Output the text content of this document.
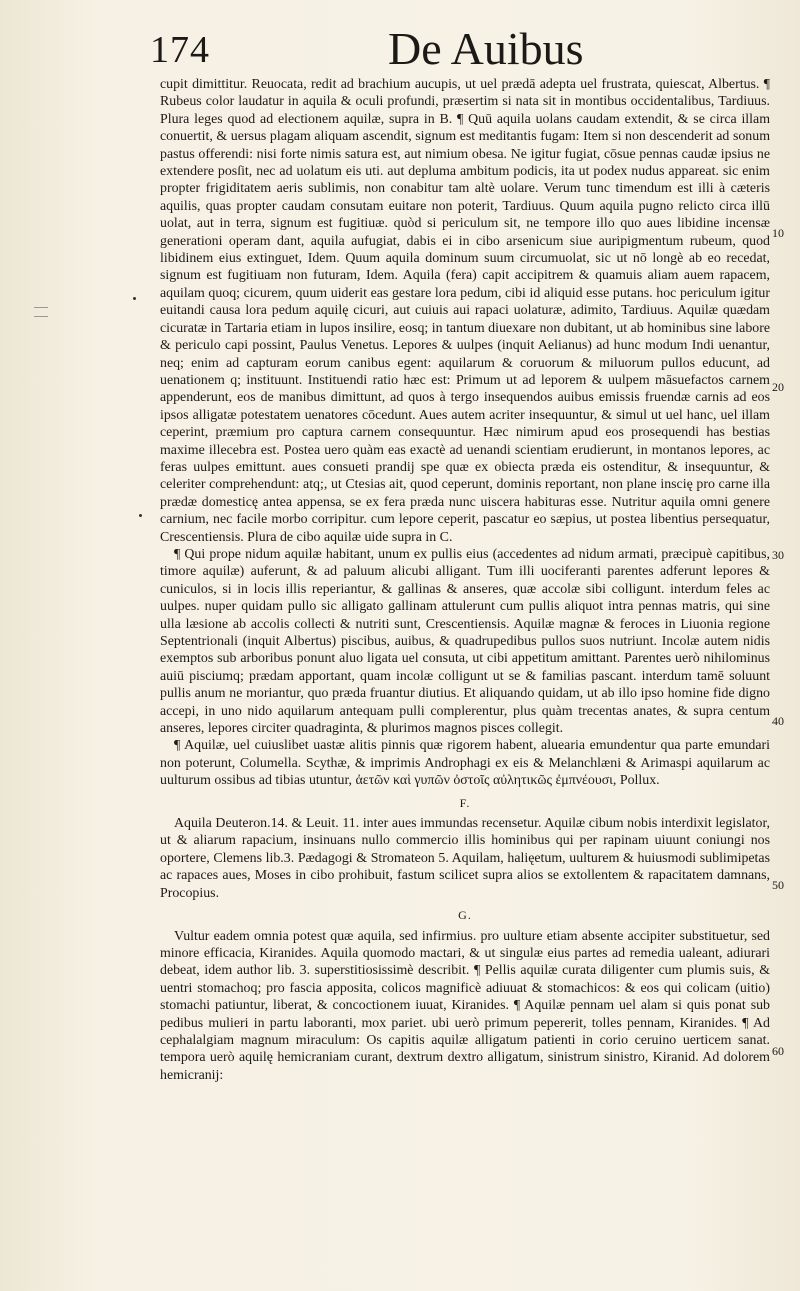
174	De Auibus

cupit dimittitur. Reuocata, redit ad brachium aucupis, ut uel prædā adepta uel frustrata, quiescat, Albertus. ¶ Rubeus color laudatur in aquila & oculi profundi, præsertim si nata sit in montibus occidentalibus, Tardiuus. Plura leges quod ad electionem aquilæ, supra in B. ¶ Quū aquila uolans caudam extendit, & se circa illam conuertit, & uersus plagam aliquam ascendit, signum est meditantis fugam: Item si non descenderit ad sonum pastus offerendi: nisi forte nimis satura est, aut nimium obesa. Ne igitur fugiat, cōsue pennas caudæ ipsius ne extendere posſit, nec ad uolatum eis uti. aut depluma ambitum podicis, ita ut podex nudus appareat. sic enim propter frigiditatem aeris sublimis, non conabitur tam altè uolare. Verum tunc timendum est illi à cæteris aquilis, quas propter caudam consutam euitare non poterit, Tardiuus. Quum aquila pugno relicto circa illū uolat, aut in terra, signum est fugitiuæ. quòd si periculum sit, ne tempore illo quo aues libidine incensæ generationi operam dant, aquila aufugiat, dabis ei in cibo arsenicum siue auripigmentum rubeum, quod libidinem eius extinguet, Idem. Quum aquila dominum suum circumuolat, sic ut nō longè ab eo recedat, signum est fugitiuam non futuram, Idem. Aquila (fera) capit accipitrem & quamuis aliam auem rapacem, aquilam quoq; cicurem, quum uiderit eas gestare lora pedum, cibi id aliquid esse putans. hoc periculum igitur euitandi causa lora pedum aquilę cicuri, aut cuiuis aui rapaci uolaturæ, adimito, Tardiuus. Aquilæ quædam cicuratæ in Tartaria etiam in lupos insilire, eosq; in tantum diuexare non dubitant, ut ab hominibus sine labore & periculo capi possint, Paulus Venetus. Lepores & uulpes (inquit Aelianus) ad hunc modum Indi uenantur, neq; enim ad capturam eorum canibus egent: aquilarum & coruorum & miluorum pullos educunt, ad uenationem q; instituunt. Instituendi ratio hæc est: Primum ut ad leporem & uulpem māsuefactos carnem appenderunt, eos de manibus dimittunt, ad quos à tergo insequendos auibus emissis fruendæ carnis ad eos ipsos alligatæ potestatem uenatores cōcedunt. Aues autem acriter insequuntur, & simul ut uel hanc, uel illam ceperint, præmium pro captura carnem consequuntur. Hæc nimirum apud eos prosequendi has bestias maxime illecebra est. Postea uero quàm eas exactè ad uenandi scientiam erudierunt, in montanos lepores, ac feras uulpes emittunt. aues consueti prandij spe quæ ex obiecta præda eis ostenditur, & insequuntur, & celeriter comprehendunt: atq;, ut Ctesias ait, quod ceperunt, dominis reportant, non plane inscię pro carne illa prædæ domesticę antea appensa, se ex fera præda nunc uiscera habituras esse. Nutritur aquila omni genere carnium, nec facile morbo corripitur. cum lepore ceperit, pascatur eo sæpius, ut postea libentius persequatur, Crescentiensis. Plura de cibo aquilæ uide supra in C.

¶ Qui prope nidum aquilæ habitant, unum ex pullis eius (accedentes ad nidum armati, præcipuè capitibus, timore aquilæ) auferunt, & ad paluum alicubi alligant. Tum illi uociferanti parentes adferunt lepores & cuniculos, si in locis illis reperiantur, & gallinas & anseres, quæ accolæ sibi colligunt. interdum feles ac uulpes. nuper quidam pullo sic alligato gallinam attulerunt cum pullis aliquot intra pennas matris, qui sine ulla læsione ab accolis collecti & nutriti sunt, Crescentiensis. Aquilæ magnæ & feroces in Liuonia regione Septentrionali (inquit Albertus) piscibus, auibus, & quadrupedibus pullos suos nutriunt. Incolæ autem nidis exemptos sub arboribus ponunt aluo ligata uel consuta, ut cibi appetitum amittant. Parentes uerò nihilominus auiū pisciumq; prædam apportant, quam incolæ colligunt ut se & familias pascant. interdum tamē soluunt pullis anum ne moriantur, quo præda fruantur diutius. Et aliquando quidam, ut ab illo ipso homine fide digno accepi, in uno nido aquilarum antequam pulli complerentur, plus quàm trecentas anates, & supra centum anseres, lepores circiter quadraginta, & plurimos magnos pisces collegit.

¶ Aquilæ, uel cuiuslibet uastæ alitis pinnis quæ rigorem habent, aluearia emundentur qua parte emundari non poterunt, Columella. Scythæ, & imprimis Androphagi ex eis & Melanchlæni & Arimaspi aquilarum ac uulturum ossibus ad tibias utuntur, ἀετῶν καὶ γυπῶν ὀστοῖς αὐλητικῶς ἐμπνέουσι, Pollux.

F.

Aquila Deuteron.14. & Leuit. 11. inter aues immundas recensetur. Aquilæ cibum nobis interdixit legislator, ut & aliarum rapacium, insinuans nullo commercio illis hominibus qui per rapinam uiuunt coniungi nos oportere, Clemens lib.3. Pædagogi & Stromateon 5. Aquilam, halięetum, uulturem & huiusmodi sublimipetas ac rapaces aues, Moses in cibo prohibuit, fastum scilicet supra alios se extollentem & rapacitatem damnans, Procopius.

G.

Vultur eadem omnia potest quæ aquila, sed infirmius. pro uulture etiam absente accipiter substituetur, sed minore efficacia, Kiranides. Aquila quomodo mactari, & ut singulæ eius partes ad remedia ualeant, adiurari debeat, idem author lib. 3. superstitiosissimè describit. ¶ Pellis aquilæ curata diligenter cum plumis suis, & uentri stomachoq; pro fascia apposita, colicos magnificè adiuuat & stomachicos: & eos qui colicam (uitio) stomachi patiuntur, liberat, & concoctionem iuuat, Kiranides. ¶ Aquilæ pennam uel alam si quis ponat sub pedibus mulieri in partu laboranti, mox pariet. ubi uerò primum pepererit, tolles pennam, Kiranides. ¶ Ad cephalalgiam magnum miraculum: Os capitis aquilæ alligatum patienti in corio ceruino uerticem sanat. tempora uerò aquilę hemicraniam curant, dextrum dextro alligatum, sinistrum sinistro, Kiranid. Ad dolorem hemicranij:

10
20
30
40
50
60
